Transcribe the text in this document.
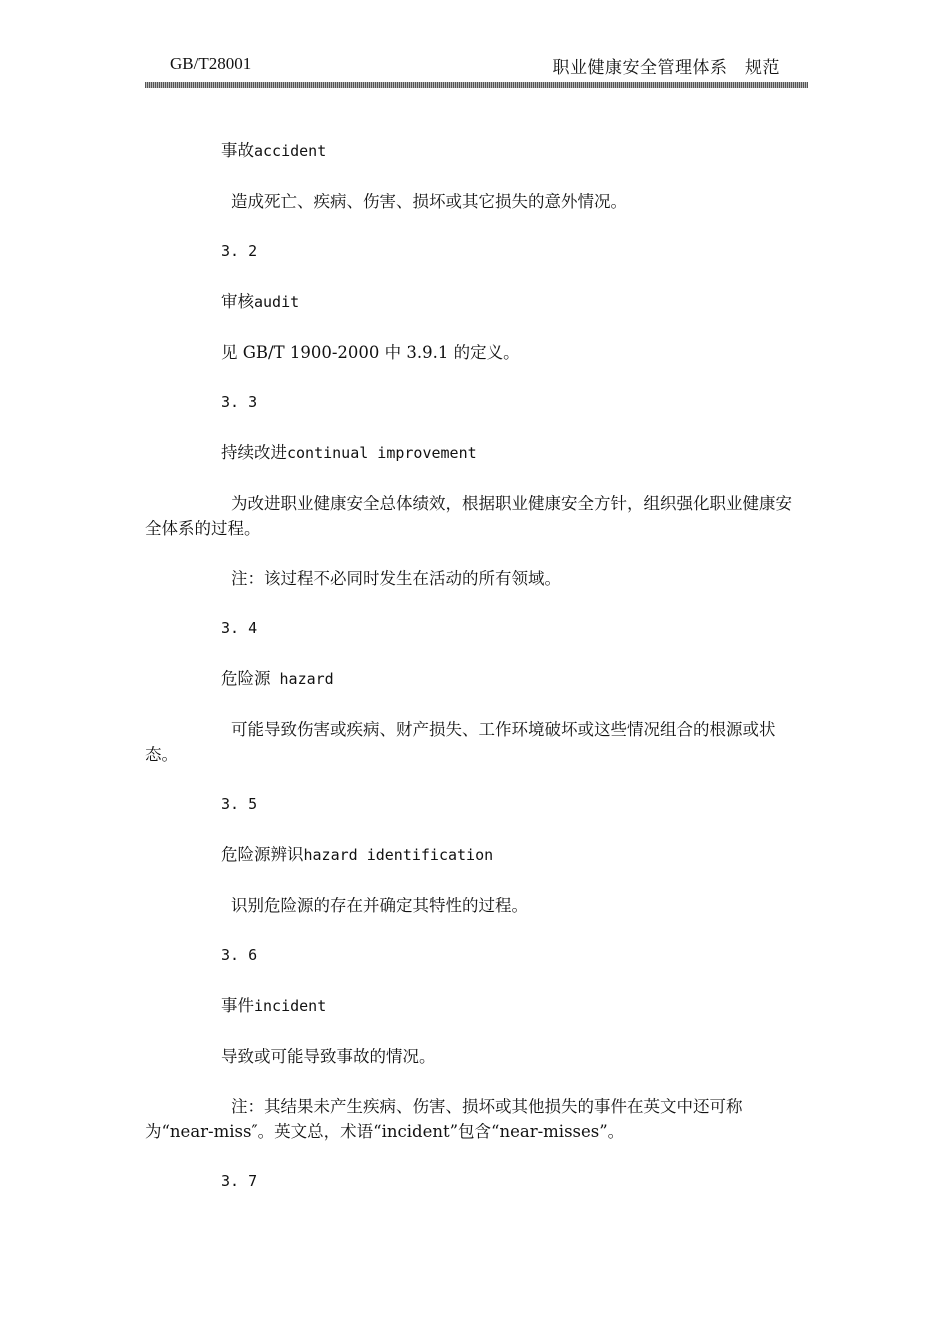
GB/T28001	职业健康安全管理体系　规范

事故accident

造成死亡、疾病、伤害、损坏或其它损失的意外情况。

3. 2

审核audit

见 GB/T 1900-2000 中 3.9.1 的定义。

3. 3

持续改进continual improvement

为改进职业健康安全总体绩效，根据职业健康安全方针，组织强化职业健康安全体系的过程。

注：该过程不必同时发生在活动的所有领域。

3. 4

危险源 hazard

可能导致伤害或疾病、财产损失、工作环境破坏或这些情况组合的根源或状态。

3. 5

危险源辨识hazard identification

识别危险源的存在并确定其特性的过程。

3. 6

事件incident

导致或可能导致事故的情况。

注：其结果未产生疾病、伤害、损坏或其他损失的事件在英文中还可称为“near-miss″。英文总，术语“incident”包含“near-misses”。

3. 7
